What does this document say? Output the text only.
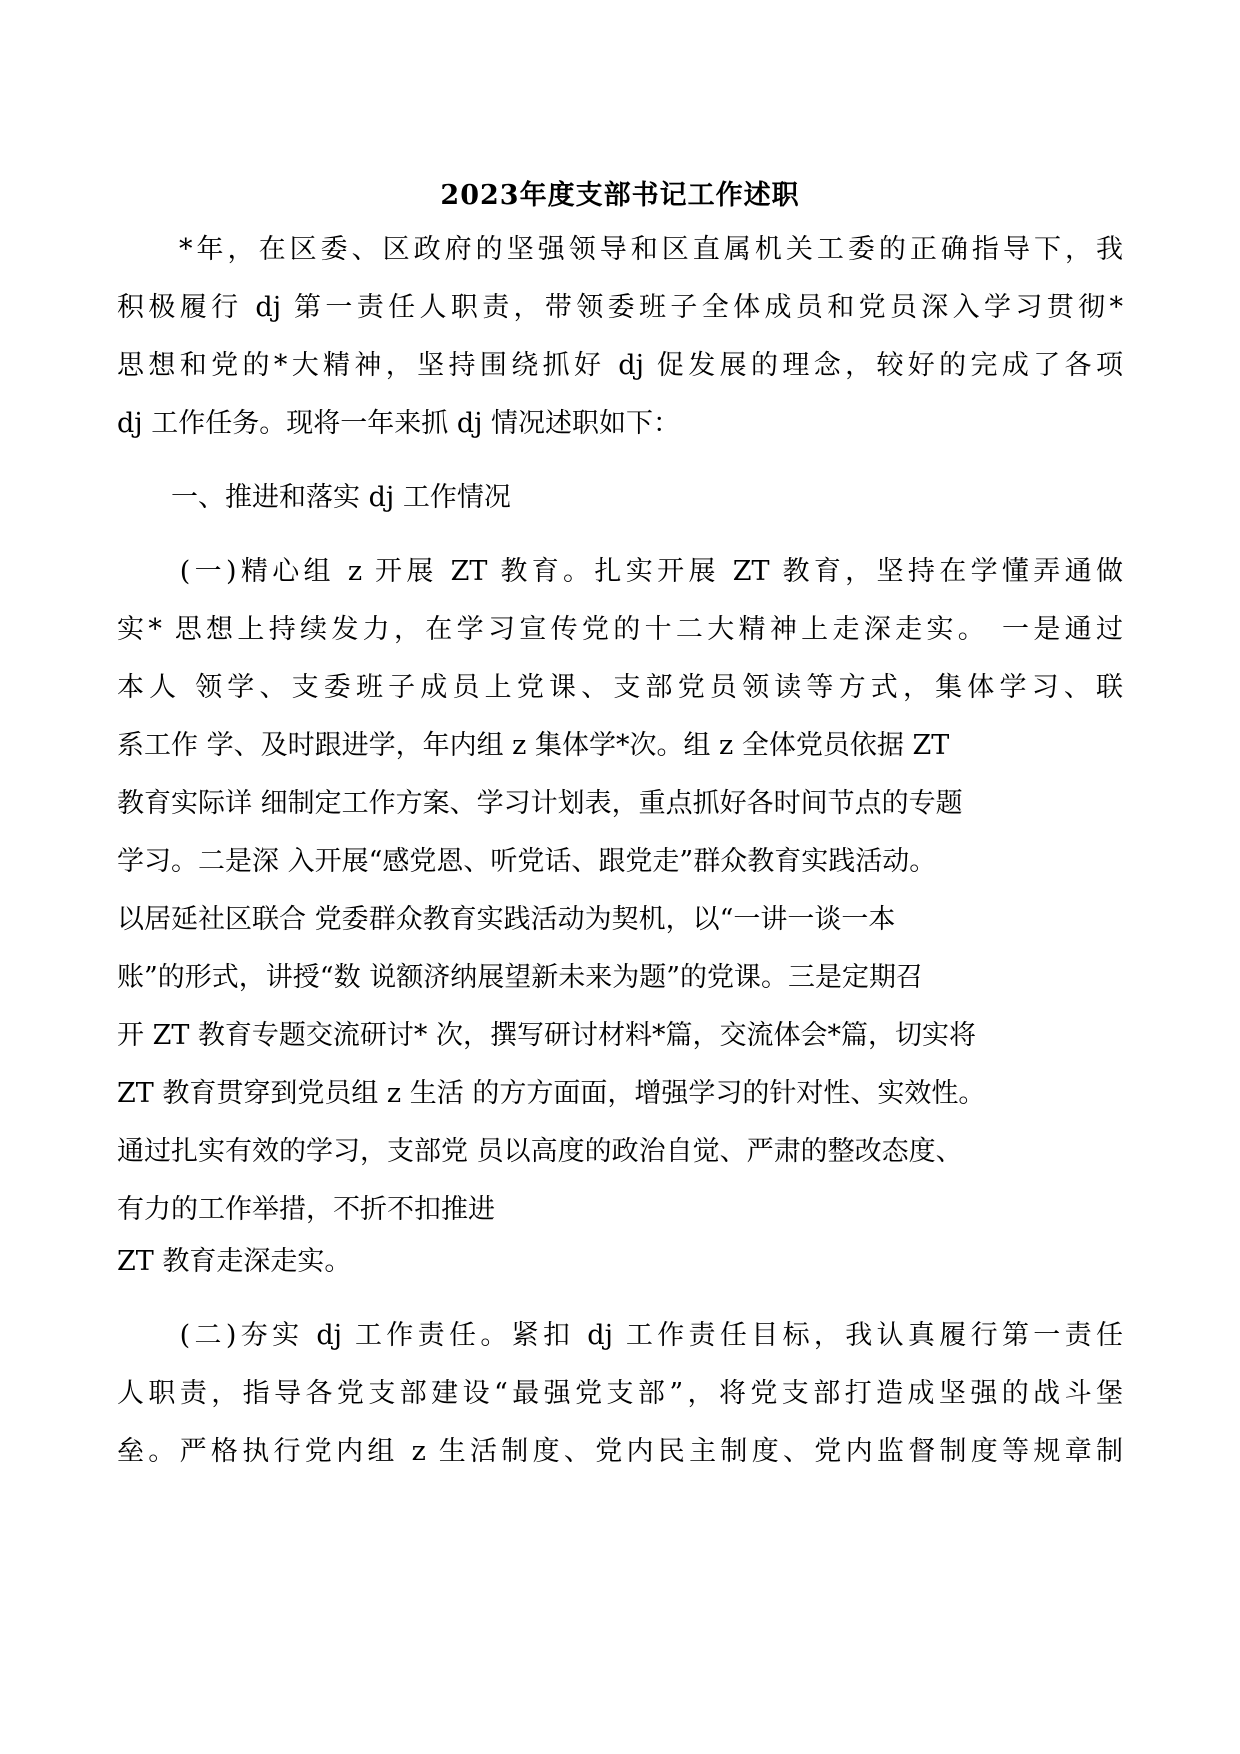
2023年度支部书记工作述职
　　*年，在区委、区政府的坚强领导和区直属机关工委的正确指导下，我
积极履行 dj 第一责任人职责，带领委班子全体成员和党员深入学习贯彻*
思想和党的*大精神，坚持围绕抓好 dj 促发展的理念，较好的完成了各项
dj 工作任务。现将一年来抓 dj 情况述职如下：
　　一、推进和落实 dj 工作情况
　　(一)精心组 z 开展 ZT 教育。扎实开展 ZT 教育，坚持在学懂弄通做
实* 思想上持续发力，在学习宣传党的十二大精神上走深走实。 一是通过
本人 领学、支委班子成员上党课、支部党员领读等方式，集体学习、联
系工作 学、及时跟进学，年内组 z 集体学*次。组 z 全体党员依据 ZT
教育实际详 细制定工作方案、学习计划表，重点抓好各时间节点的专题
学习。二是深 入开展“感党恩、听党话、跟党走”群众教育实践活动。
以居延社区联合 党委群众教育实践活动为契机，以“一讲一谈一本
账”的形式，讲授“数 说额济纳展望新未来为题”的党课。三是定期召
开 ZT 教育专题交流研讨* 次，撰写研讨材料*篇，交流体会*篇，切实将
ZT 教育贯穿到党员组 z 生活 的方方面面，增强学习的针对性、实效性。
通过扎实有效的学习，支部党 员以高度的政治自觉、严肃的整改态度、
有力的工作举措，不折不扣推进
ZT 教育走深走实。
　　(二)夯实 dj 工作责任。紧扣 dj 工作责任目标，我认真履行第一责任
人职责，指导各党支部建设“最强党支部”，将党支部打造成坚强的战斗堡
垒。严格执行党内组 z 生活制度、党内民主制度、党内监督制度等规章制
